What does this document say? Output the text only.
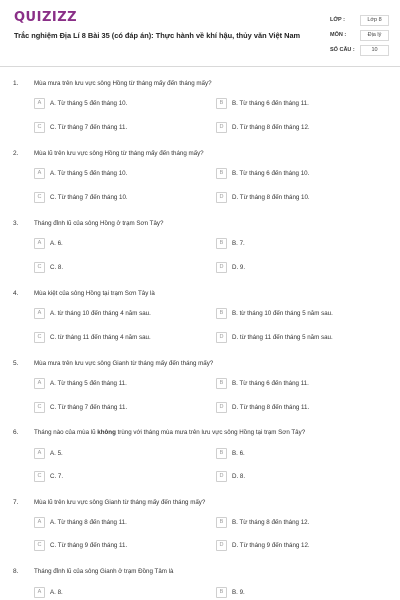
QUIZIZZ
Trắc nghiệm Địa Lí 8 Bài 35 (có đáp án): Thực hành về khí hậu, thủy văn Việt Nam
LỚP :	Lớp 8
MÔN :	Địa lý
SỐ CÂU :	10
1.	Mùa mưa trên lưu vực sông Hồng từ tháng mấy đến tháng mấy?
A	A. Từ tháng 5 đến tháng 10.	B	B. Từ tháng 6 đến tháng 11.
C	C. Từ tháng 7 đến tháng 11.	D	D. Từ tháng 8 đến tháng 12.
2.	Mùa lũ trên lưu vực sông Hồng từ tháng mấy đến tháng mấy?
A	A. Từ tháng 5 đến tháng 10.	B	B. Từ tháng 6 đến tháng 10.
C	C. Từ tháng 7 đến tháng 10.	D	D. Từ tháng 8 đến tháng 10.
3.	Tháng đỉnh lũ của sông Hồng ở trạm Sơn Tây?
A	A. 6.	B	B. 7.
C	C. 8.	D	D. 9.
4.	Mùa kiệt của sông Hồng tại trạm Sơn Tây là
A	A. từ tháng 10 đến tháng 4 năm sau.	B	B. từ tháng 10 đến tháng 5 năm sau.
C	C. từ tháng 11 đến tháng 4 năm sau.	D	D. từ tháng 11 đến tháng 5 năm sau.
5.	Mùa mưa trên lưu vực sông Gianh từ tháng mấy đến tháng mấy?
A	A. Từ tháng 5 đến tháng 11.	B	B. Từ tháng 6 đến tháng 11.
C	C. Từ tháng 7 đến tháng 11.	D	D. Từ tháng 8 đến tháng 11.
6.	Tháng nào của mùa lũ không trùng với tháng mùa mưa trên lưu vực sông Hồng tại trạm Sơn Tây?
A	A. 5.	B	B. 6.
C	C. 7.	D	D. 8.
7.	Mùa lũ trên lưu vực sông Gianh từ tháng mấy đến tháng mấy?
A	A. Từ tháng 8 đến tháng 11.	B	B. Từ tháng 8 đến tháng 12.
C	C. Từ tháng 9 đến tháng 11.	D	D. Từ tháng 9 đến tháng 12.
8.	Tháng đỉnh lũ của sông Gianh ở trạm Đồng Tâm là
A	A. 8.	B	B. 9.
